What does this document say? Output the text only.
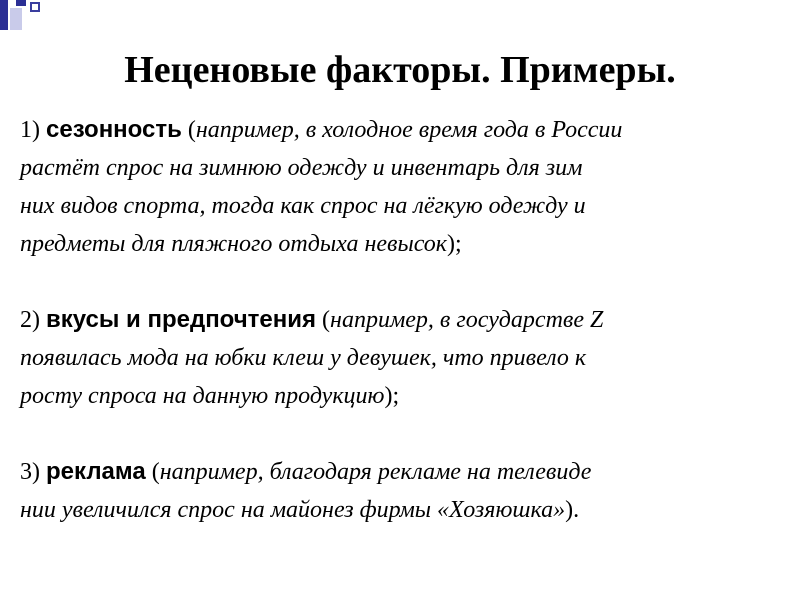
Неценовые факторы. Примеры.

1) сезонность (например, в холодное время года в России
растёт спрос на зимнюю одежду и инвентарь для зим
них видов спорта, тогда как спрос на лёгкую одежду и
предметы для пляжного отдыха невысок);

2) вкусы и предпочтения (например, в государстве Z
появилась мода на юбки клеш у девушек, что привело к
росту спроса на данную продукцию);

3) реклама (например, благодаря рекламе на телевиде
нии увеличился спрос на майонез фирмы «Хозяюшка»).
